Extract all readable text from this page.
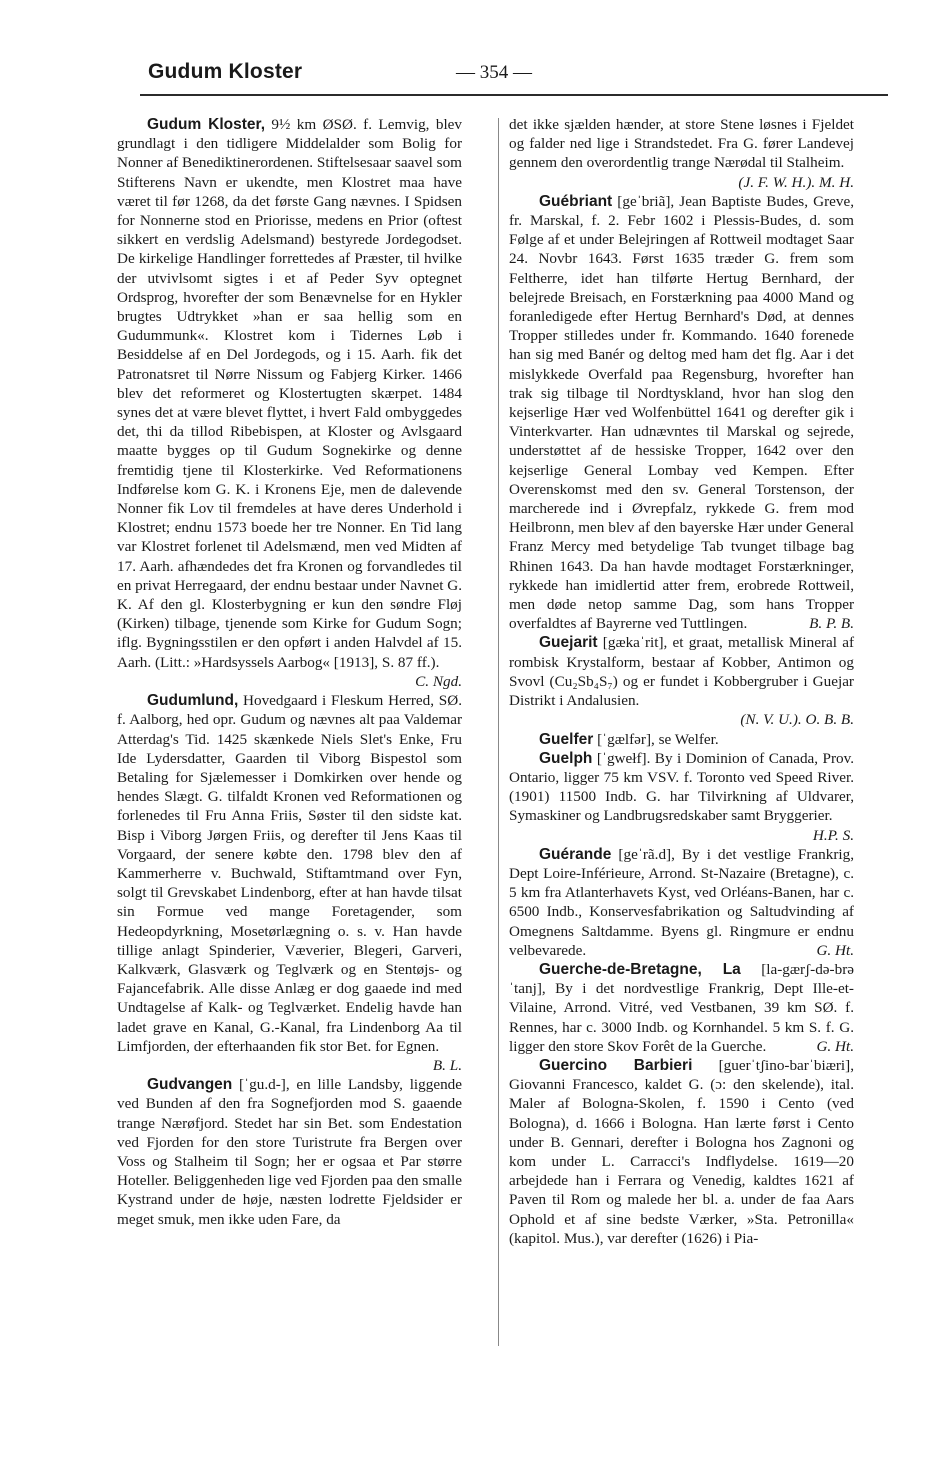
Gudum Kloster	— 354 —

Gudum Kloster, 9½ km ØSØ. f. Lemvig, blev grundlagt i den tidligere Middelalder som Bolig for Nonner af Benediktinerordenen. Stiftelsesaar saavel som Stifterens Navn er ukendte, men Klostret maa have været til før 1268, da det første Gang nævnes. I Spidsen for Nonnerne stod en Priorisse, medens en Prior (oftest sikkert en verdslig Adelsmand) bestyrede Jordegodset. De kirkelige Handlinger forrettedes af Præster, til hvilke der utvivlsomt sigtes i et af Peder Syv optegnet Ordsprog, hvorefter der som Benævnelse for en Hykler brugtes Udtrykket »han er saa hellig som en Gudummunk«. Klostret kom i Tidernes Løb i Besiddelse af en Del Jordegods, og i 15. Aarh. fik det Patronatsret til Nørre Nissum og Fabjerg Kirker. 1466 blev det reformeret og Klostertugten skærpet. 1484 synes det at være blevet flyttet, i hvert Fald ombyggedes det, thi da tillod Ribebispen, at Kloster og Avlsgaard maatte bygges op til Gudum Sognekirke og denne fremtidig tjene til Klosterkirke. Ved Reformationens Indførelse kom G. K. i Kronens Eje, men de dalevende Nonner fik Lov til fremdeles at have deres Underhold i Klostret; endnu 1573 boede her tre Nonner. En Tid lang var Klostret forlenet til Adelsmænd, men ved Midten af 17. Aarh. afhændedes det fra Kronen og forvandledes til en privat Herregaard, der endnu bestaar under Navnet G. K. Af den gl. Klosterbygning er kun den søndre Fløj (Kirken) tilbage, tjenende som Kirke for Gudum Sogn; iflg. Bygningsstilen er den opført i anden Halvdel af 15. Aarh. (Litt.: »Hardsyssels Aarbog« [1913], S. 87 ff.).
C. Ngd.

Gudumlund, Hovedgaard i Fleskum Herred, SØ. f. Aalborg, hed opr. Gudum og nævnes alt paa Valdemar Atterdag's Tid. 1425 skænkede Niels Slet's Enke, Fru Ide Lydersdatter, Gaarden til Viborg Bispestol som Betaling for Sjælemesser i Domkirken over hende og hendes Slægt. G. tilfaldt Kronen ved Reformationen og forlenedes til Fru Anna Friis, Søster til den sidste kat. Bisp i Viborg Jørgen Friis, og derefter til Jens Kaas til Vorgaard, der senere købte den. 1798 blev den af Kammerherre v. Buchwald, Stiftamtmand over Fyn, solgt til Grevskabet Lindenborg, efter at han havde tilsat sin Formue ved mange Foretagender, som Hedeopdyrkning, Mosetørlægning o. s. v. Han havde tillige anlagt Spinderier, Væverier, Blegeri, Garveri, Kalkværk, Glasværk og Teglværk og en Stentøjs- og Fajancefabrik. Alle disse Anlæg er dog gaaede ind med Undtagelse af Kalk- og Teglværket. Endelig havde han ladet grave en Kanal, G.-Kanal, fra Lindenborg Aa til Limfjorden, der efterhaanden fik stor Bet. for Egnen.
B. L.

Gudvangen [ˈgu.d-], en lille Landsby, liggende ved Bunden af den fra Sognefjorden mod S. gaaende trange Nærøfjord. Stedet har sin Bet. som Endestation ved Fjorden for den store Turistrute fra Bergen over Voss og Stalheim til Sogn; her er ogsaa et Par større Hoteller. Beliggenheden lige ved Fjorden paa den smalle Kystrand under de høje, næsten lodrette Fjeldsider er meget smuk, men ikke uden Fare, da

det ikke sjælden hænder, at store Stene løsnes i Fjeldet og falder ned lige i Strandstedet. Fra G. fører Landevej gennem den overordentlig trange Nærødal til Stalheim.

(J. F. W. H.). M. H.

Guébriant [geˈbriã], Jean Baptiste Budes, Greve, fr. Marskal, f. 2. Febr 1602 i Plessis-Budes, d. som Følge af et under Belejringen af Rottweil modtaget Saar 24. Novbr 1643. Først 1635 træder G. frem som Feltherre, idet han tilførte Hertug Bernhard, der belejrede Breisach, en Forstærkning paa 4000 Mand og foranledigede efter Hertug Bernhard's Død, at dennes Tropper stilledes under fr. Kommando. 1640 forenede han sig med Banér og deltog med ham det flg. Aar i det mislykkede Overfald paa Regensburg, hvorefter han trak sig tilbage til Nordtyskland, hvor han slog den kejserlige Hær ved Wolfenbüttel 1641 og derefter gik i Vinterkvarter. Han udnævntes til Marskal og sejrede, understøttet af de hessiske Tropper, 1642 over den kejserlige General Lombay ved Kempen. Efter Overenskomst med den sv. General Torstenson, der marcherede ind i Øvrepfalz, rykkede G. frem mod Heilbronn, men blev af den bayerske Hær under General Franz Mercy med betydelige Tab tvunget tilbage bag Rhinen 1643. Da han havde modtaget Forstærkninger, rykkede han imidlertid atter frem, erobrede Rottweil, men døde netop samme Dag, som hans Tropper overfaldtes af Bayrerne ved Tuttlingen.	B. P. B.

Guejarit [gækaˈrit], et graat, metallisk Mineral af rombisk Krystalform, bestaar af Kobber, Antimon og Svovl (Cu₂Sb₄S₇) og er fundet i Kobbergruber i Guejar Distrikt i Andalusien.

(N. V. U.). O. B. B.

Guelfer [ˈgælfər], se Welfer.

Guelph [ˈgwełf]. By i Dominion of Canada, Prov. Ontario, ligger 75 km VSV. f. Toronto ved Speed River. (1901) 11500 Indb. G. har Tilvirkning af Uldvarer, Symaskiner og Landbrugsredskaber samt Bryggerier.
H.P. S.

Guérande [geˈrã.d], By i det vestlige Frankrig, Dept Loire-Inférieure, Arrond. St-Nazaire (Bretagne), c. 5 km fra Atlanterhavets Kyst, ved Orléans-Banen, har c. 6500 Indb., Konservesfabrikation og Saltudvinding af Omegnens Saltdamme. Byens gl. Ringmure er endnu velbevarede.	G. Ht.

Guerche-de-Bretagne, La [la-gærʃ-də-brəˈtanj], By i det nordvestlige Frankrig, Dept Ille-et-Vilaine, Arrond. Vitré, ved Vestbanen, 39 km SØ. f. Rennes, har c. 3000 Indb. og Kornhandel. 5 km S. f. G. ligger den store Skov Forêt de la Guerche.	G. Ht.

Guercino Barbieri [guerˈtʃino-barˈbiæri], Giovanni Francesco, kaldet G. (ɔ: den skelende), ital. Maler af Bologna-Skolen, f. 1590 i Cento (ved Bologna), d. 1666 i Bologna. Han lærte først i Cento under B. Gennari, derefter i Bologna hos Zagnoni og kom under L. Carracci's Indflydelse. 1619—20 arbejdede han i Ferrara og Venedig, kaldtes 1621 af Paven til Rom og malede her bl. a. under de faa Aars Ophold et af sine bedste Værker, »Sta. Petronilla« (kapitol. Mus.), var derefter (1626) i Pia-
